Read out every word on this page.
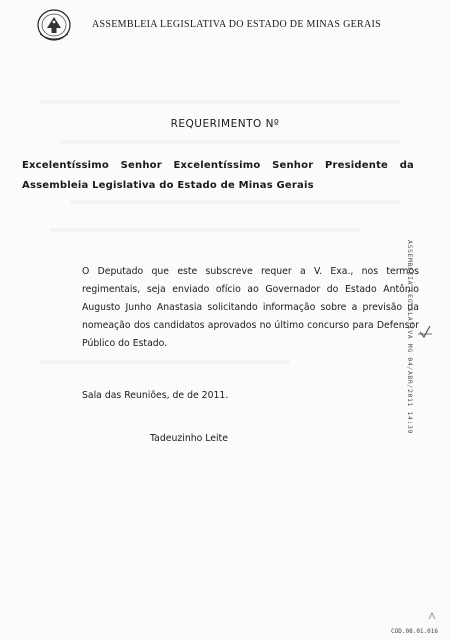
ASSEMBLEIA LEGISLATIVA DO ESTADO DE MINAS GERAIS
REQUERIMENTO Nº
Excelentíssimo Senhor Excelentíssimo Senhor Presidente da Assembleia Legislativa do Estado de Minas Gerais

O Deputado que este subscreve requer a V. Exa., nos termos regimentais, seja enviado ofício ao Governador do Estado Antônio Augusto Junho Anastasia solicitando informação sobre a previsão da nomeação dos candidatos aprovados no último concurso para Defensor Público do Estado.

Sala das Reuniões, de de 2011.
Tadeuzinho Leite
ASSEMBLEIA LEGISLATIVA MG 04/ABR/2011 14:39
COD.08.01.016
